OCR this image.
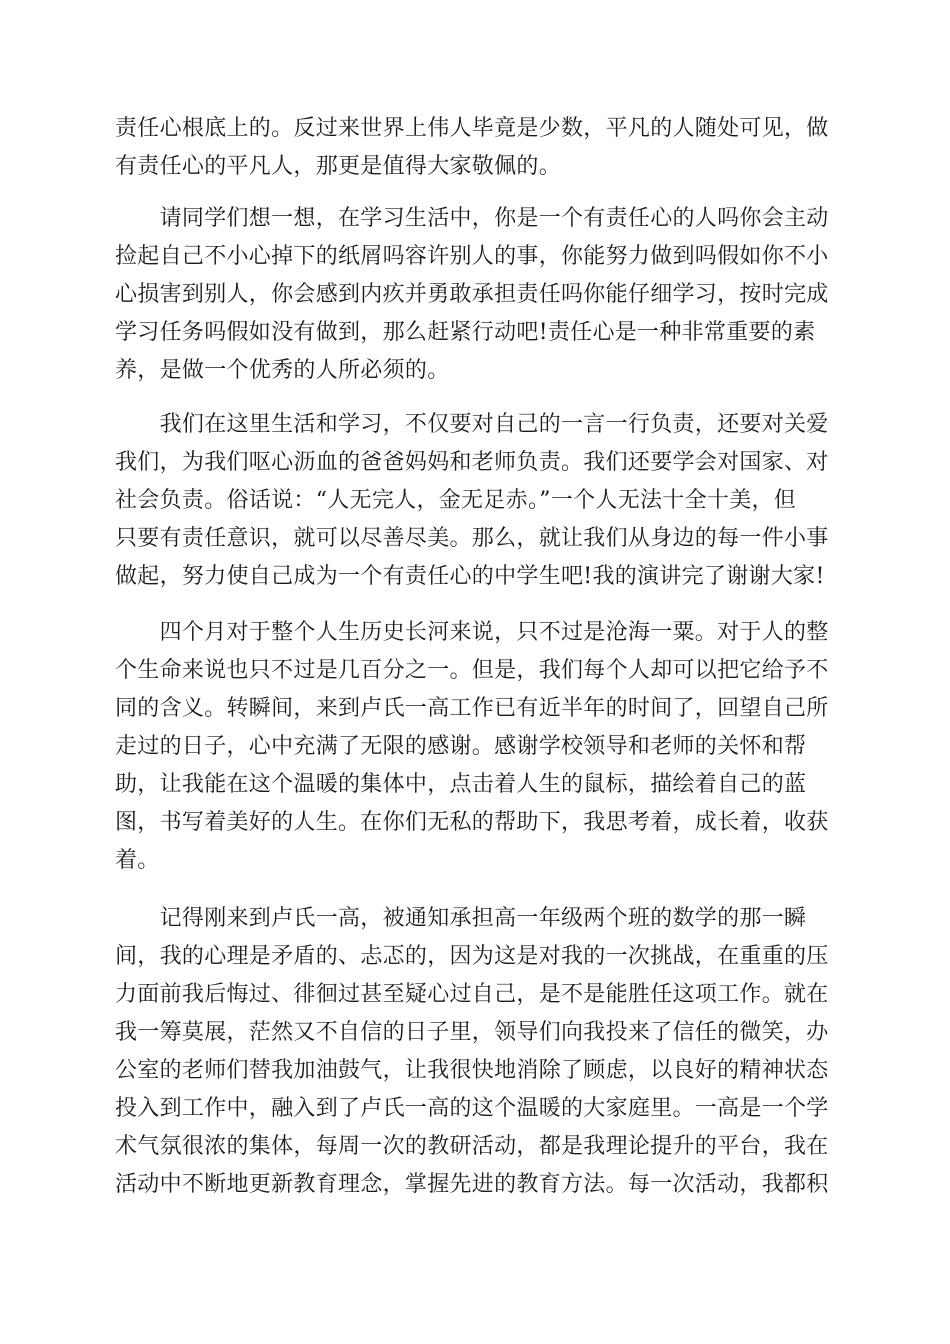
责任心根底上的。反过来世界上伟人毕竟是少数，平凡的人随处可见，做
有责任心的平凡人，那更是值得大家敬佩的。
　　请同学们想一想，在学习生活中，你是一个有责任心的人吗你会主动
捡起自己不小心掉下的纸屑吗容许别人的事，你能努力做到吗假如你不小
心损害到别人，你会感到内疚并勇敢承担责任吗你能仔细学习，按时完成
学习任务吗假如没有做到，那么赶紧行动吧!责任心是一种非常重要的素
养，是做一个优秀的人所必须的。
　　我们在这里生活和学习，不仅要对自己的一言一行负责，还要对关爱
我们，为我们呕心沥血的爸爸妈妈和老师负责。我们还要学会对国家、对
社会负责。俗话说：“人无完人，金无足赤。”一个人无法十全十美，但
只要有责任意识，就可以尽善尽美。那么，就让我们从身边的每一件小事
做起，努力使自己成为一个有责任心的中学生吧!我的演讲完了谢谢大家!
　　四个月对于整个人生历史长河来说，只不过是沧海一粟。对于人的整
个生命来说也只不过是几百分之一。但是，我们每个人却可以把它给予不
同的含义。转瞬间，来到卢氏一高工作已有近半年的时间了，回望自己所
走过的日子，心中充满了无限的感谢。感谢学校领导和老师的关怀和帮
助，让我能在这个温暖的集体中，点击着人生的鼠标，描绘着自己的蓝
图，书写着美好的人生。在你们无私的帮助下，我思考着，成长着，收获
着。
　　记得刚来到卢氏一高，被通知承担高一年级两个班的数学的那一瞬
间，我的心理是矛盾的、忐忑的，因为这是对我的一次挑战，在重重的压
力面前我后悔过、徘徊过甚至疑心过自己，是不是能胜任这项工作。就在
我一筹莫展，茫然又不自信的日子里，领导们向我投来了信任的微笑，办
公室的老师们替我加油鼓气，让我很快地消除了顾虑，以良好的精神状态
投入到工作中，融入到了卢氏一高的这个温暖的大家庭里。一高是一个学
术气氛很浓的集体，每周一次的教研活动，都是我理论提升的平台，我在
活动中不断地更新教育理念，掌握先进的教育方法。每一次活动，我都积
